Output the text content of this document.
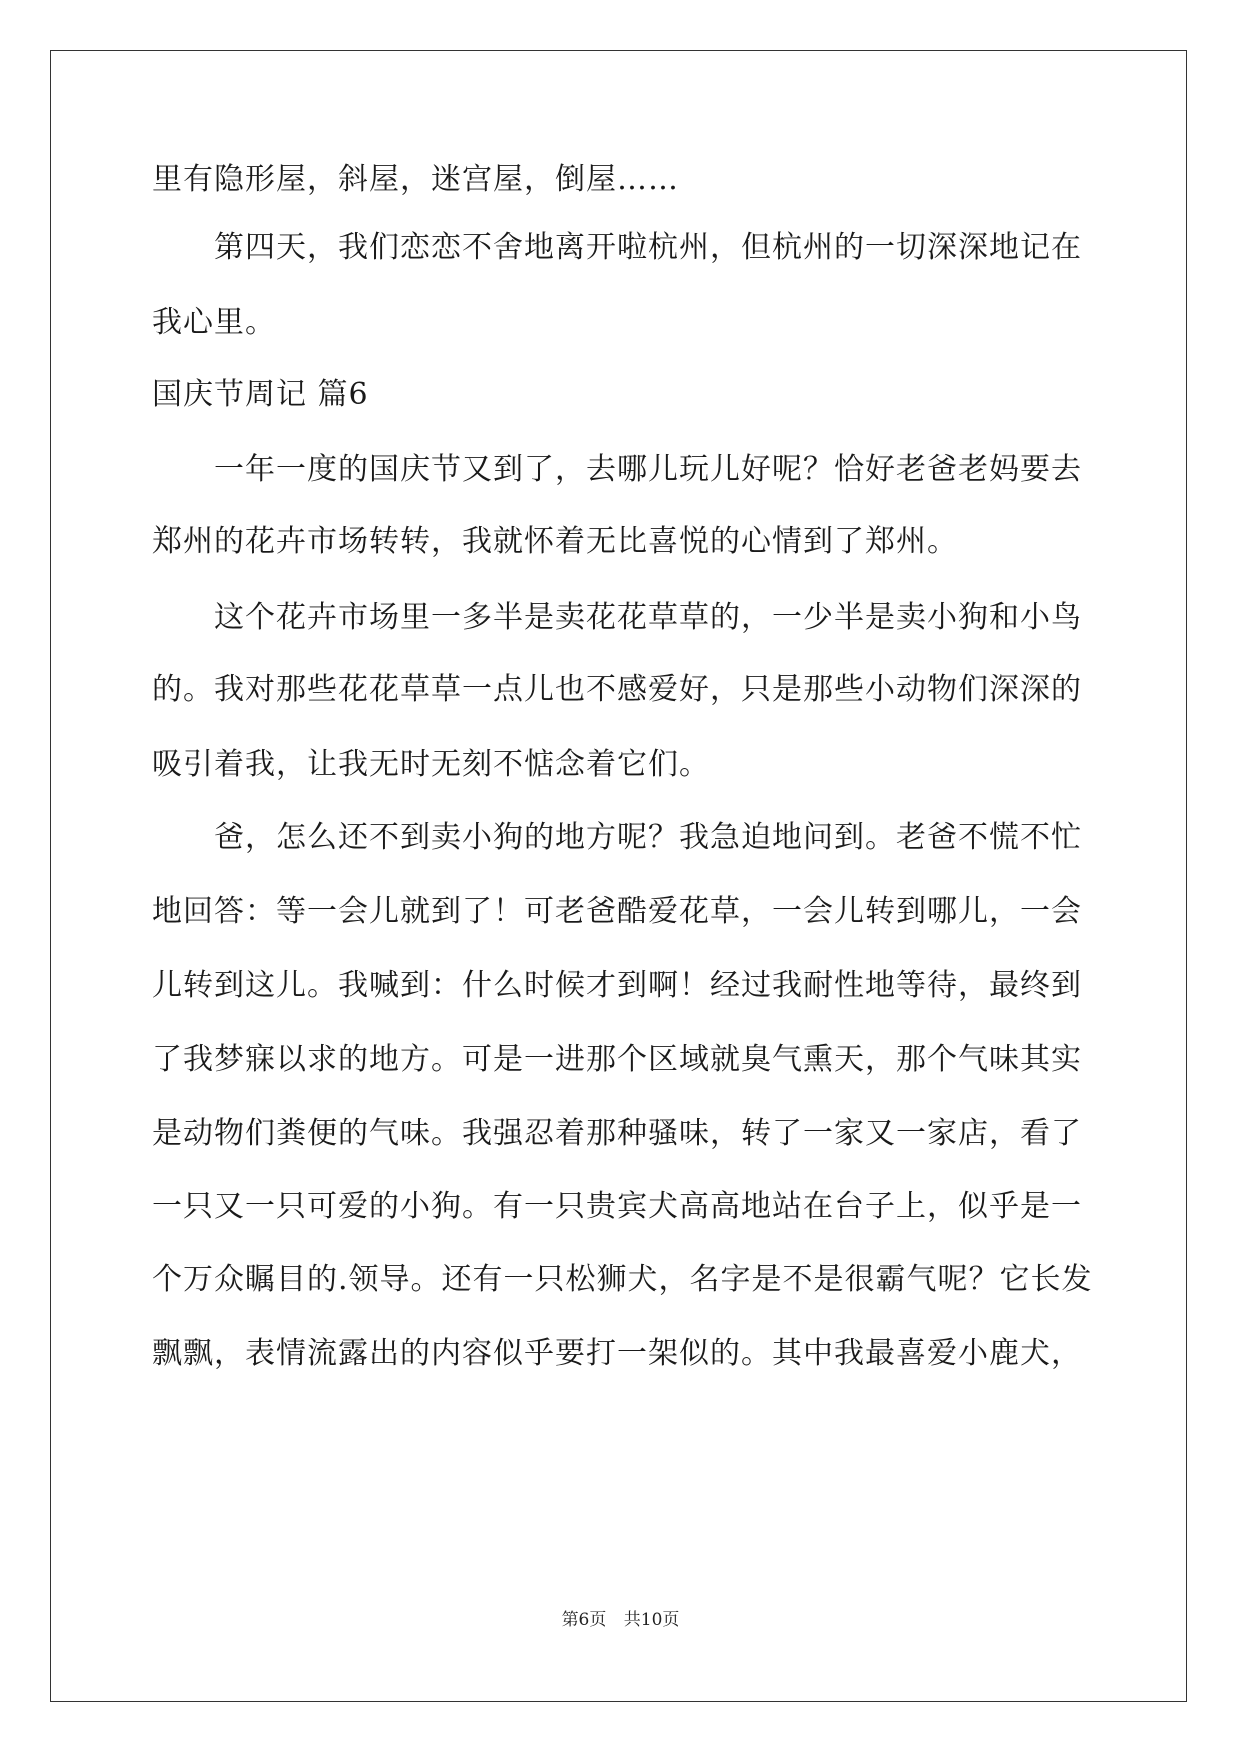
里有隐形屋，斜屋，迷宫屋，倒屋……
第四天，我们恋恋不舍地离开啦杭州，但杭州的一切深深地记在
我心里。
国庆节周记 篇6
一年一度的国庆节又到了，去哪儿玩儿好呢？恰好老爸老妈要去
郑州的花卉市场转转，我就怀着无比喜悦的心情到了郑州。
这个花卉市场里一多半是卖花花草草的，一少半是卖小狗和小鸟
的。我对那些花花草草一点儿也不感爱好，只是那些小动物们深深的
吸引着我，让我无时无刻不惦念着它们。
爸，怎么还不到卖小狗的地方呢？我急迫地问到。老爸不慌不忙
地回答：等一会儿就到了！可老爸酷爱花草，一会儿转到哪儿，一会
儿转到这儿。我喊到：什么时候才到啊！经过我耐性地等待，最终到
了我梦寐以求的地方。可是一进那个区域就臭气熏天，那个气味其实
是动物们粪便的气味。我强忍着那种骚味，转了一家又一家店，看了
一只又一只可爱的小狗。有一只贵宾犬高高地站在台子上，似乎是一
个万众瞩目的.领导。还有一只松狮犬，名字是不是很霸气呢？它长发
飘飘，表情流露出的内容似乎要打一架似的。其中我最喜爱小鹿犬，
第6页 共10页
